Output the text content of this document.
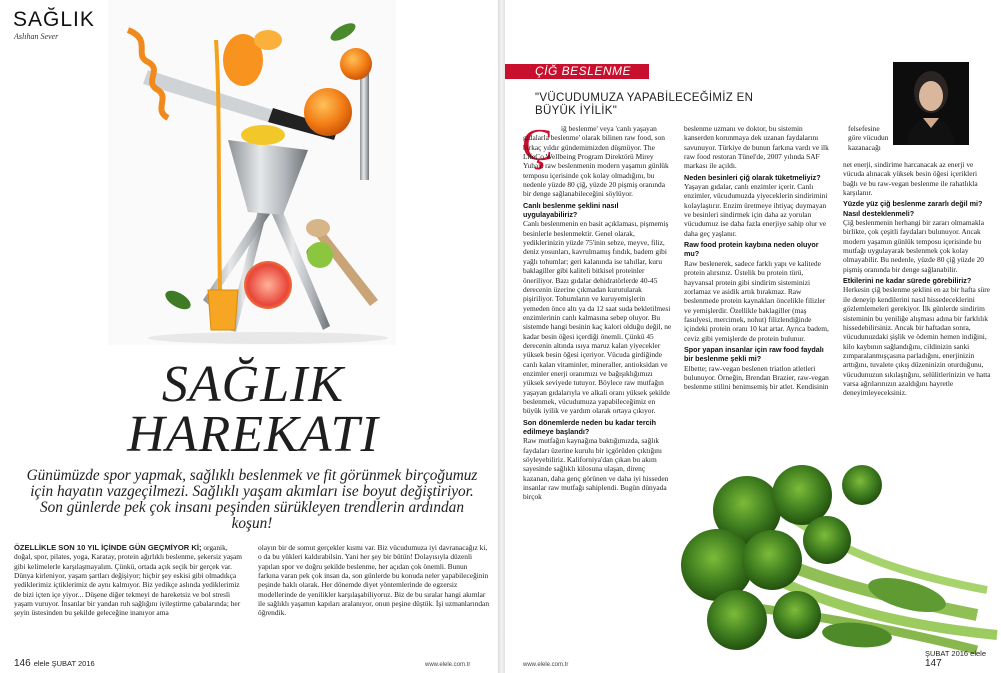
SAĞLIK
Aslıhan Sever
SAĞLIK
HAREKATI
Günümüzde spor yapmak, sağlıklı beslenmek ve fit görünmek birçoğumuz için hayatın vazgeçilmezi. Sağlıklı yaşam akımları ise boyut değiştiriyor. Son günlerde pek çok insanı peşinden sürükleyen trendlerin ardından koşun!

ÖZELLİKLE SON 10 YIL İÇİNDE GÜN GEÇMİYOR Kİ; organik, doğal, spor, pilates, yoga, Karatay, protein ağırlıklı beslenme, şekersiz yaşam gibi kelimelerle karşılaşmayalım. Çünkü, ortada açık seçik bir gerçek var. Dünya kirleniyor, yaşam şartları değişiyor; hiçbir şey eskisi gibi olmadıkça yediklerimiz içtiklerimiz de aynı kalmıyor. Biz yedikçe aslında yediklerimiz de bizi içten içe yiyor... Düşene diğer tekmeyi de hareketsiz ve bol stresli yaşam vuruyor. İnsanlar bir yandan ruh sağlığını iyileştirme çabalarında; her şeyin üstesinden bu şekilde geleceğine inanıyor ama

olayın bir de somut gerçekler kısmı var. Biz vücudumuza iyi davranacağız ki, o da bu yükleri kaldırabilsin. Yani her şey bir bütün! Dolayısıyla düzenli yapılan spor ve doğru şekilde beslenme, her açıdan çok önemli. Bunun farkına varan pek çok insan da, son günlerde bu konuda neler yapabileceğinin peşinde haklı olarak. Her dönemde diyet yöntemlerinde de egzersiz modellerinde de yenilikler karşılaşabiliyoruz. Biz de bu sıralar hangi akımlar ile sağlıklı yaşamın kapıları aralanıyor, onun peşine düştük. İşi uzmanlarından öğrendik.

146 elele ŞUBAT 2016	www.elele.com.tr
ÇİĞ BESLENME
"VÜCUDUMUZA YAPABİLECEĞİMİZ EN BÜYÜK İYİLİK"
Ç	iğ beslenme' veya 'canlı yaşayan gıdalarla beslenme' olarak bilinen raw food, son birkaç yıldır gündemimizden düşmüyor. The LifeCo Wellbeing Program Direktörü Mirey Yuhay, raw beslenmenin modern yaşamın günlük temposu içerisinde çok kolay olmadığını, bu nedenle yüzde 80 çiğ, yüzde 20 pişmiş oranında bir denge sağlanabileceğini söylüyor.

Canlı beslenme şeklini nasıl uygulayabiliriz?

Canlı beslenmenin en basit açıklaması, pişmemiş besinlerle beslenmektir. Genel olarak, yediklerinizin yüzde 75'inin sebze, meyve, filiz, deniz yosunları, kavrulmamış fındık, badem gibi yağlı tohumlar; geri kalanında ise tahıllar, kuru baklagiller gibi kaliteli bitkisel proteinler öneriliyor. Bazı gıdalar dehidratörlerde 40-45 derecenin üzerine çıkmadan kurutularak pişiriliyor. Tohumların ve kuruyemişlerin yemeden önce altı ya da 12 saat suda bekletilmesi enzimlerinin canlı kalmasına sebep oluyor. Bu sistemde hangi besinin kaç kalori olduğu değil, ne kadar besin öğesi içerdiği önemli. Çünkü 45 derecenin altında ısıya maruz kalan yiyecekler yüksek besin öğesi içeriyor. Vücuda girdiğinde canlı kalan vitaminler, mineraller, antioksidan ve enzimler enerji oranımızı ve bağışıklığımızı yüksek seviyede tutuyor. Böylece raw mutfağın yaşayan gıdalarıyla ve alkali oranı yüksek şekilde beslenmek, vücudumuza yapabileceğimiz en büyük iyilik ve yardım olarak ortaya çıkıyor.

Son dönemlerde neden bu kadar tercih edilmeye başlandı?

Raw mutfağın kaynağına baktığımızda, sağlık faydaları üzerine kurulu bir içgörüden çıktığını söyleyebiliriz. Kaliforniya'dan çıkan bu akım sayesinde sağlıklı kilosuna ulaşan, direnç kazanan, daha genç görünen ve daha iyi hisseden insanlar raw mutfağı sahiplendi. Bugün dünyada birçok

beslenme uzmanı ve doktor, bu sistemin kanserden korunmaya dek uzanan faydalarını savunuyor. Türkiye de bunun farkına vardı ve ilk raw food restoran Tünel'de, 2007 yılında SAF markası ile açıldı.

Neden besinleri çiğ olarak tüketmeliyiz?

Yaşayan gıdalar, canlı enzimler içerir. Canlı enzimler, vücudumuzda yiyeceklerin sindirimini kolaylaştırır. Enzim üretmeye ihtiyaç duymayan ve besinleri sindirmek için daha az yorulan vücudumuz ise daha fazla enerjiye sahip olur ve daha geç yaşlanır.

Raw food protein kaybına neden oluyor mu?

Raw beslenerek, sadece farklı yapı ve kalitede protein alırsınız. Üstelik bu protein türü, hayvansal protein gibi sindirim sisteminizi zorlamaz ve asidik artık bırakmaz. Raw beslenmede protein kaynakları öncelikle filizler ve yemişlerdir. Özellikle baklagiller (maş fasulyesi, mercimek, nohut) filizlendiğinde içindeki protein oranı 10 kat artar. Ayrıca badem, ceviz gibi yemişlerde de protein bulunur.

Spor yapan insanlar için raw food faydalı bir beslenme şekli mi?

Elbette; raw-vegan beslenen triatlon atletleri bulunuyor. Örneğin, Brendan Brazier, raw-vegan beslenme stilini benimsemiş bir atlet. Kendisinin

felsefesine göre vücudun kazanacağı

net enerji, sindirime harcanacak az enerji ve vücuda alınacak yüksek besin öğesi içerikleri bağlı ve bu raw-vegan beslenme ile rahatlıkla karşılanır.

Yüzde yüz çiğ beslenme zararlı değil mi? Nasıl desteklenmeli?

Çiğ beslenmenin herhangi bir zararı olmamakla birlikte, çok çeşitli faydaları bulunuyor. Ancak modern yaşamın günlük temposu içerisinde bu mutfağı uygulayarak beslenmek çok kolay olmayabilir. Bu nedenle, yüzde 80 çiğ yüzde 20 pişmiş oranında bir denge sağlanabilir.

Etkilerini ne kadar sürede görebiliriz?

Herkesin çiğ beslenme şeklini en az bir hafta süre ile deneyip kendilerini nasıl hissedeceklerini gözlemlemeleri gerekiyor. İlk günlerde sindirim sisteminin bu yeniliğe alışması adına bir farklılık hissedebilirsiniz. Ancak bir haftadan sonra, vücudunuzdaki şişlik ve ödemin hemen indiğini, kilo kaybının sağlandığını, cildinizin sanki zımparalanmışçasına parladığını, enerjinizin arttığını, tuvalete çıkış düzeninizin oturduğunu, vücudunuzun sıkılaştığını, selülitlerinizin ve hatta varsa ağrılarınızın azaldığını hayretle deneyimleyeceksiniz.

www.elele.com.tr
ŞUBAT 2016 elele 147
